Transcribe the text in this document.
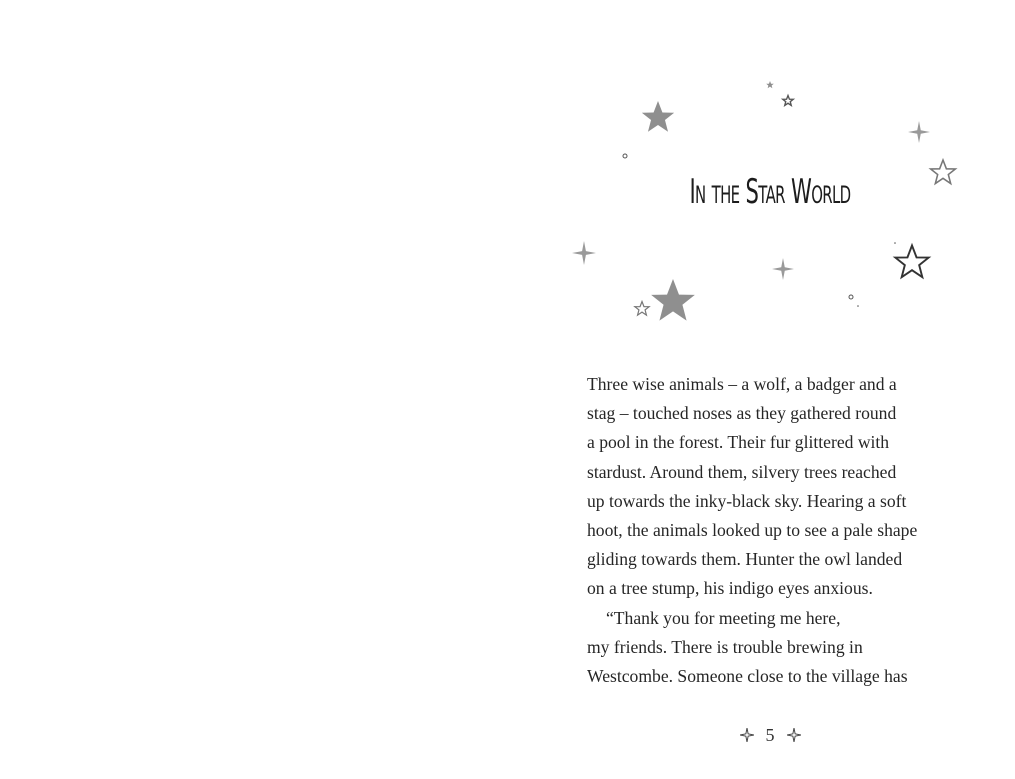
In the Star World
Three wise animals – a wolf, a badger and a
stag – touched noses as they gathered round
a pool in the forest. Their fur glittered with
stardust. Around them, silvery trees reached
up towards the inky-black sky. Hearing a soft
hoot, the animals looked up to see a pale shape
gliding towards them. Hunter the owl landed
on a tree stump, his indigo eyes anxious.
“Thank you for meeting me here,
my friends. There is trouble brewing in
Westcombe. Someone close to the village has
5
